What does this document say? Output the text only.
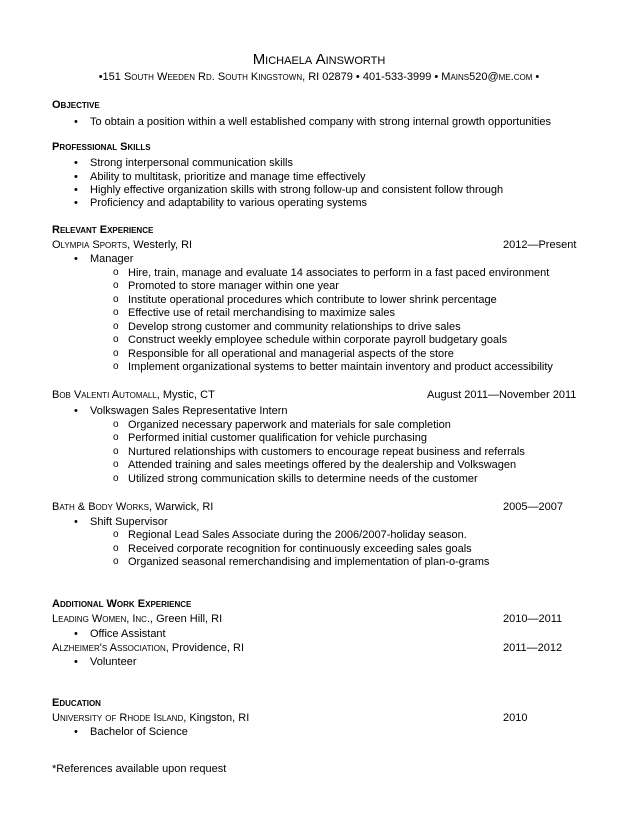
Michaela Ainsworth
•151 South Weeden Rd. South Kingstown, RI 02879 • 401-533-3999 • Mains520@me.com •
Objective
• To obtain a position within a well established company with strong internal growth opportunities
Professional Skills
• Strong interpersonal communication skills
• Ability to multitask, prioritize and manage time effectively
• Highly effective organization skills with strong follow-up and consistent follow through
• Proficiency and adaptability to various operating systems
Relevant Experience
Olympia Sports, Westerly, RI	2012—Present
• Manager
o Hire, train, manage and evaluate 14 associates to perform in a fast paced environment
o Promoted to store manager within one year
o Institute operational procedures which contribute to lower shrink percentage
o Effective use of retail merchandising to maximize sales
o Develop strong customer and community relationships to drive sales
o Construct weekly employee schedule within corporate payroll budgetary goals
o Responsible for all operational and managerial aspects of the store
o Implement organizational systems to better maintain inventory and product accessibility
Bob Valenti Automall, Mystic, CT	August 2011—November 2011
• Volkswagen Sales Representative Intern
o Organized necessary paperwork and materials for sale completion
o Performed initial customer qualification for vehicle purchasing
o Nurtured relationships with customers to encourage repeat business and referrals
o Attended training and sales meetings offered by the dealership and Volkswagen
o Utilized strong communication skills to determine needs of the customer
Bath & Body Works, Warwick, RI	2005—2007
• Shift Supervisor
o Regional Lead Sales Associate during the 2006/2007-holiday season.
o Received corporate recognition for continuously exceeding sales goals
o Organized seasonal remerchandising and implementation of plan-o-grams
Additional Work Experience
Leading Women, Inc., Green Hill, RI	2010—2011
• Office Assistant
Alzheimer's Association, Providence, RI	2011—2012
• Volunteer
Education
University of Rhode Island, Kingston, RI	2010
• Bachelor of Science
*References available upon request
